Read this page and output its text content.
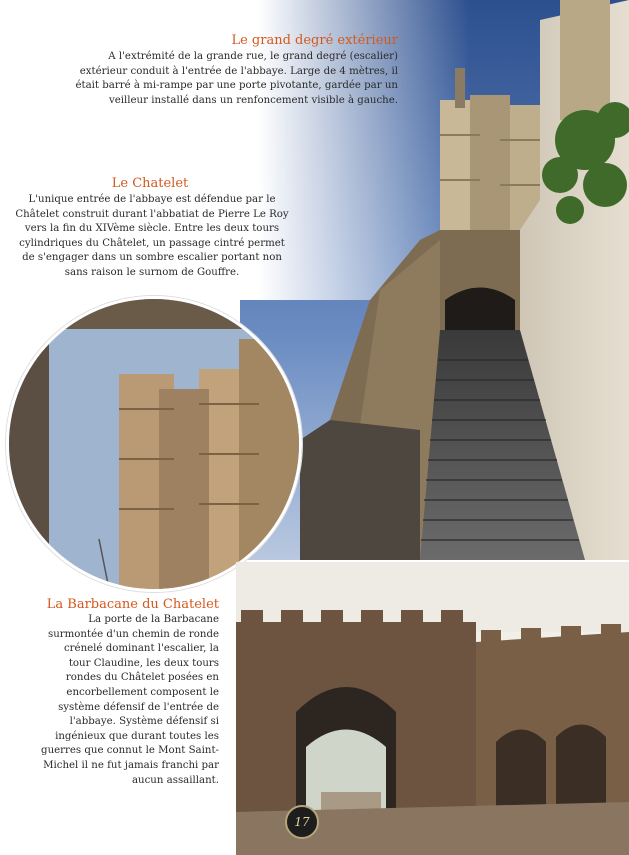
Le grand degré extérieur
A l'extrémité de la grande rue, le grand degré (escalier) extérieur conduit à l'entrée de l'abbaye. Large de 4 mètres, il était barré à mi-rampe par une porte pivotante, gardée par un veilleur installé dans un renfoncement visible à gauche.
Le Chatelet
L'unique entrée de l'abbaye est défendue par le Châtelet construit durant l'abbatiat de Pierre Le Roy vers la fin du XIVème siècle. Entre les deux tours cylindriques du Châtelet, un passage cintré permet de s'engager dans un sombre escalier portant non sans raison le surnom de Gouffre.
La Barbacane du Chatelet
La porte de la Barbacane surmontée d'un chemin de ronde crénelé dominant l'escalier, la tour Claudine, les deux tours rondes du Châtelet posées en encorbellement composent le système défensif de l'entrée de l'abbaye. Système défensif si ingénieux que durant toutes les guerres que connut le Mont Saint-Michel il ne fut jamais franchi par aucun assaillant.
17
